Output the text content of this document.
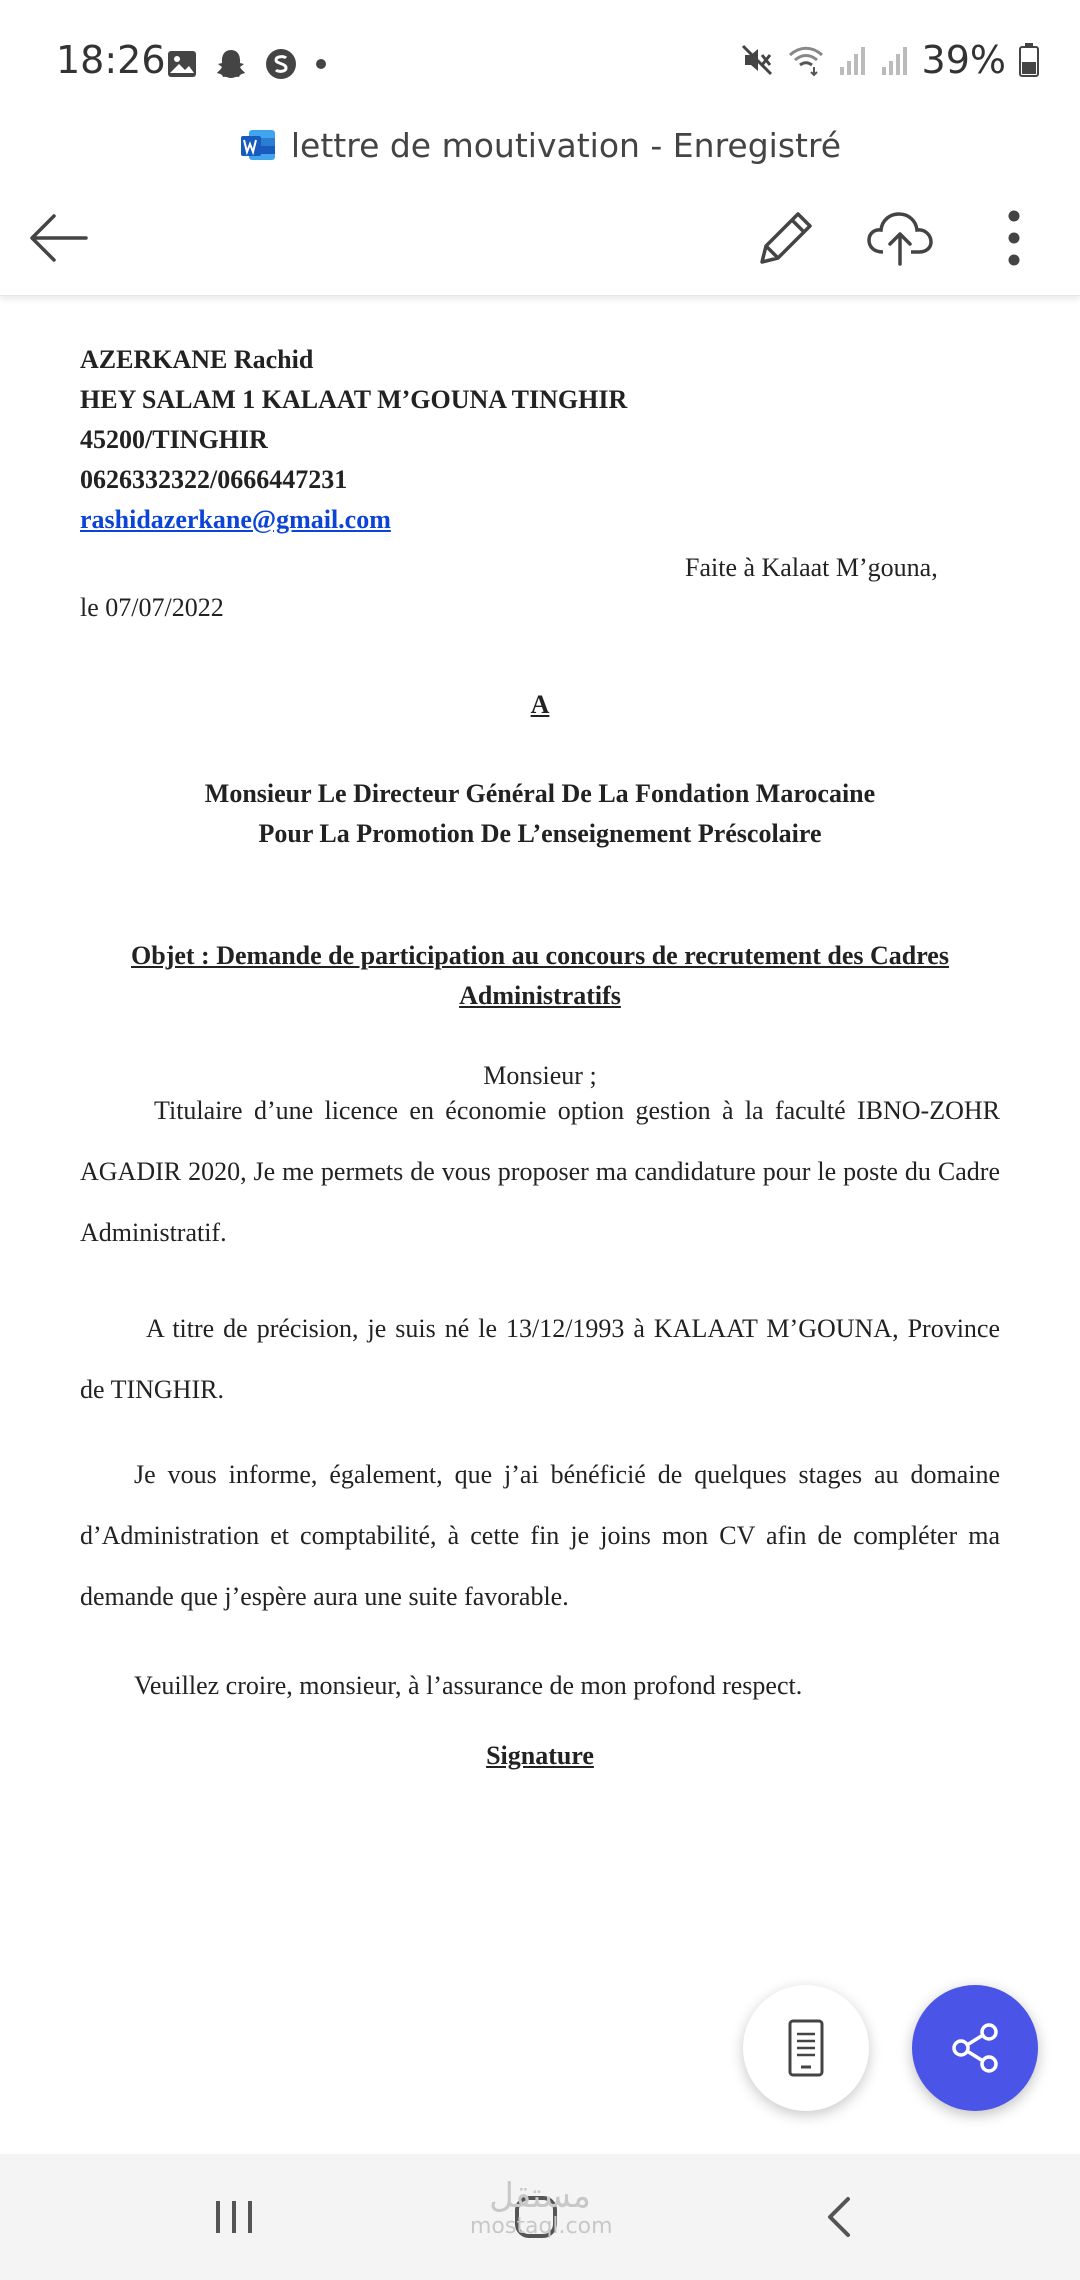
18:26	39%
lettre de moutivation - Enregistré
AZERKANE Rachid
HEY SALAM 1 KALAAT M’GOUNA TINGHIR
45200/TINGHIR
0626332322/0666447231
rashidazerkane@gmail.com
Faite à Kalaat M’gouna,
le 07/07/2022
A
Monsieur Le Directeur Général De La Fondation Marocaine
Pour La Promotion De L’enseignement Préscolaire
Objet : Demande de participation au concours de recrutement des Cadres Administratifs
Monsieur ;
Titulaire d’une licence en économie option gestion à la faculté IBNO-ZOHR AGADIR 2020, Je me permets de vous proposer ma candidature pour le poste du Cadre Administratif.
A titre de précision, je suis né le 13/12/1993 à KALAAT M’GOUNA, Province de TINGHIR.
Je vous informe, également, que j’ai bénéficié de quelques stages au domaine d’Administration et comptabilité, à cette fin je joins mon CV afin de compléter ma demande que j’espère aura une suite favorable.
Veuillez croire, monsieur, à l’assurance de mon profond respect.
Signature
مستقل
mostaql.com
